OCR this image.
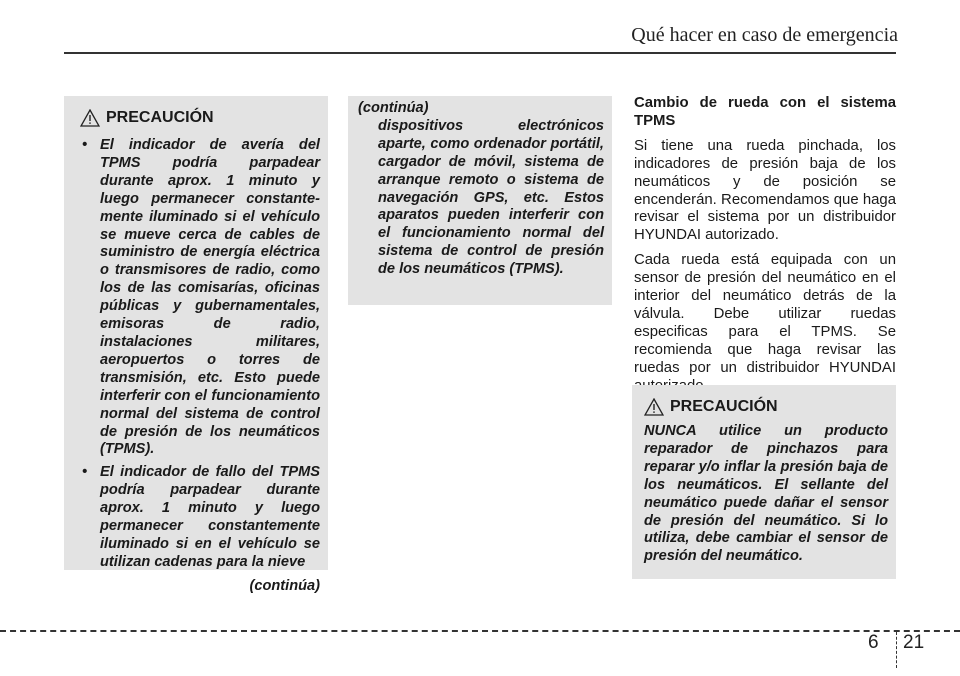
Qué hacer en caso de emergencia
PRECAUCIÓN
• El indicador de avería del TPMS podría parpadear durante aprox. 1 minuto y luego permanecer constante-mente iluminado si el vehículo se mueve cerca de cables de suministro de energía eléctrica o transmisores de radio, como los de las comisarías, oficinas públicas y gubernamentales, emisoras de radio, instalaciones militares, aeropuertos o torres de transmisión, etc. Esto puede interferir con el funcionamiento normal del sistema de control de presión de los neumáticos (TPMS).
• El indicador de fallo del TPMS podría parpadear durante aprox. 1 minuto y luego permanecer constantemente iluminado si en el vehículo se utilizan cadenas para la nieve
(continúa)
(continúa)
dispositivos electrónicos aparte, como ordenador portátil, cargador de móvil, sistema de arranque remoto o sistema de navegación GPS, etc. Estos aparatos pueden interferir con el funcionamiento normal del sistema de control de presión de los neumáticos (TPMS).

Cambio de rueda con el sistema TPMS

Si tiene una rueda pinchada, los indicadores de presión baja de los neumáticos y de posición se encenderán. Recomendamos que haga revisar el sistema por un distribuidor HYUNDAI autorizado.

Cada rueda está equipada con un sensor de presión del neumático en el interior del neumático detrás de la válvula. Debe utilizar ruedas especificas para el TPMS. Se recomienda que haga revisar las ruedas por un distribuidor HYUNDAI

PRECAUCIÓN
NUNCA utilice un producto reparador de pinchazos para reparar y/o inflar la presión baja de los neumáticos. El sellante del neumático puede dañar el sensor de presión del neumático. Si lo utiliza, debe cambiar el sensor de presión del neumático.
6 21
